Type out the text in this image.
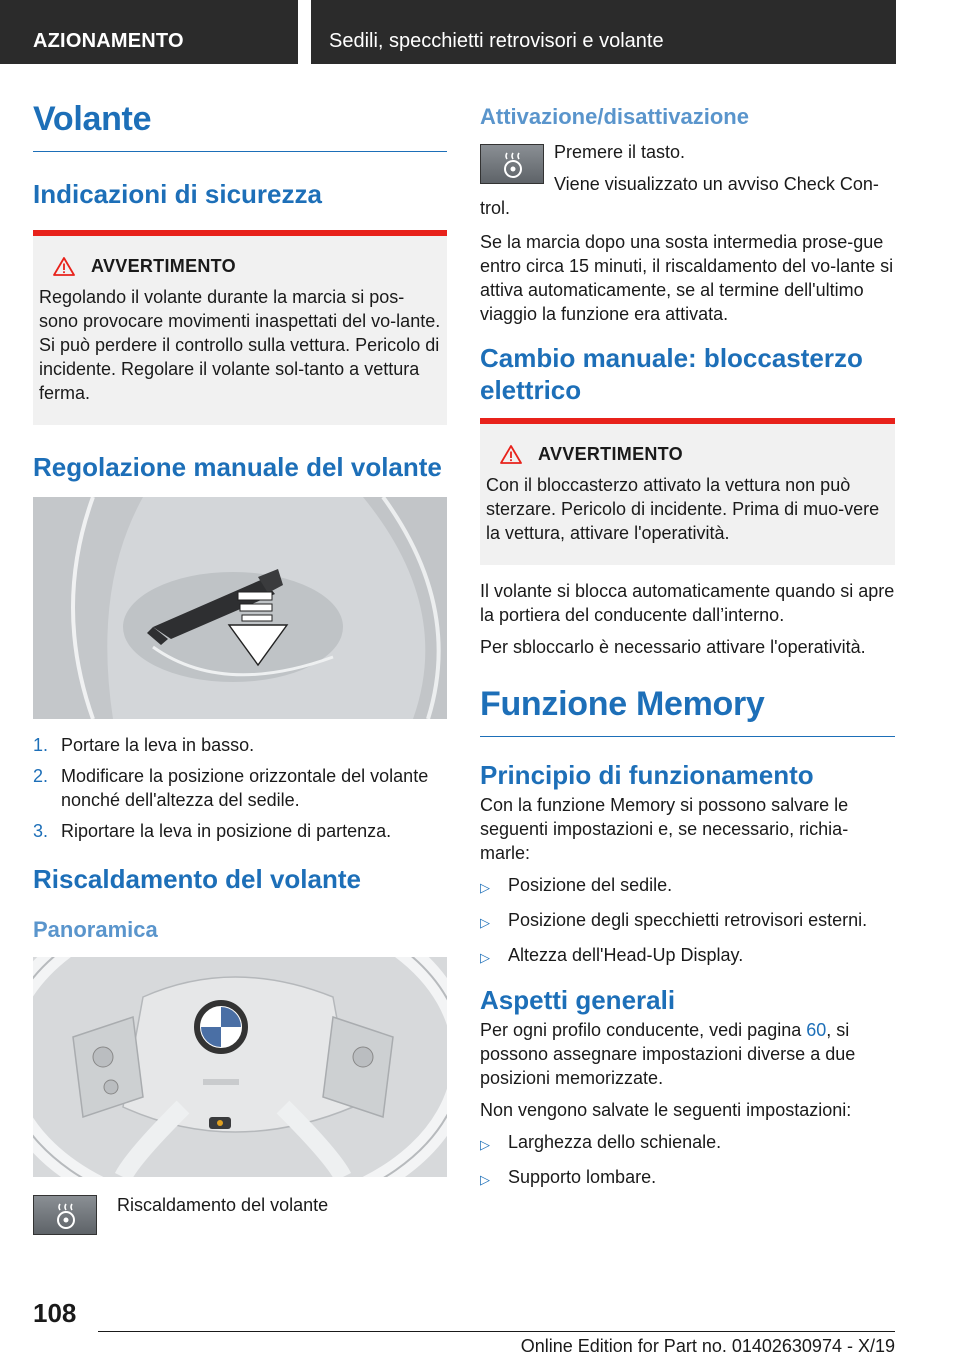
AZIONAMENTO	Sedili, specchietti retrovisori e volante
Volante
Indicazioni di sicurezza
AVVERTIMENTO

Regolando il volante durante la marcia si pos-sono provocare movimenti inaspettati del vo-lante. Si può perdere il controllo sulla vettura. Pericolo di incidente. Regolare il volante sol-tanto a vettura ferma.

Regolazione manuale del volante
1. Portare la leva in basso.
2. Modificare la posizione orizzontale del volante nonché dell'altezza del sedile.
3. Riportare la leva in posizione di partenza.
Riscaldamento del volante
Panoramica

Riscaldamento del volante

Attivazione/disattivazione

Premere il tasto.

Viene visualizzato un avviso Check Con-

trol.

Se la marcia dopo una sosta intermedia prose-gue entro circa 15 minuti, il riscaldamento del vo-lante si attiva automaticamente, se al termine dell'ultimo viaggio la funzione era attivata.

Cambio manuale: bloccasterzo elettrico
AVVERTIMENTO

Con il bloccasterzo attivato la vettura non può sterzare. Pericolo di incidente. Prima di muo-vere la vettura, attivare l'operatività.

Il volante si blocca automaticamente quando si apre la portiera del conducente dall’interno.

Per sbloccarlo è necessario attivare l'operatività.

Funzione Memory
Principio di funzionamento

Con la funzione Memory si possono salvare le seguenti impostazioni e, se necessario, richia-marle:

▷	Posizione del sedile.
▷	Posizione degli specchietti retrovisori esterni.
▷	Altezza dell'Head-Up Display.
Aspetti generali

Per ogni profilo conducente, vedi pagina 60, si possono assegnare impostazioni diverse a due posizioni memorizzate.

Non vengono salvate le seguenti impostazioni:

▷	Larghezza dello schienale.
▷	Supporto lombare.
108
Online Edition for Part no. 01402630974 - X/19
